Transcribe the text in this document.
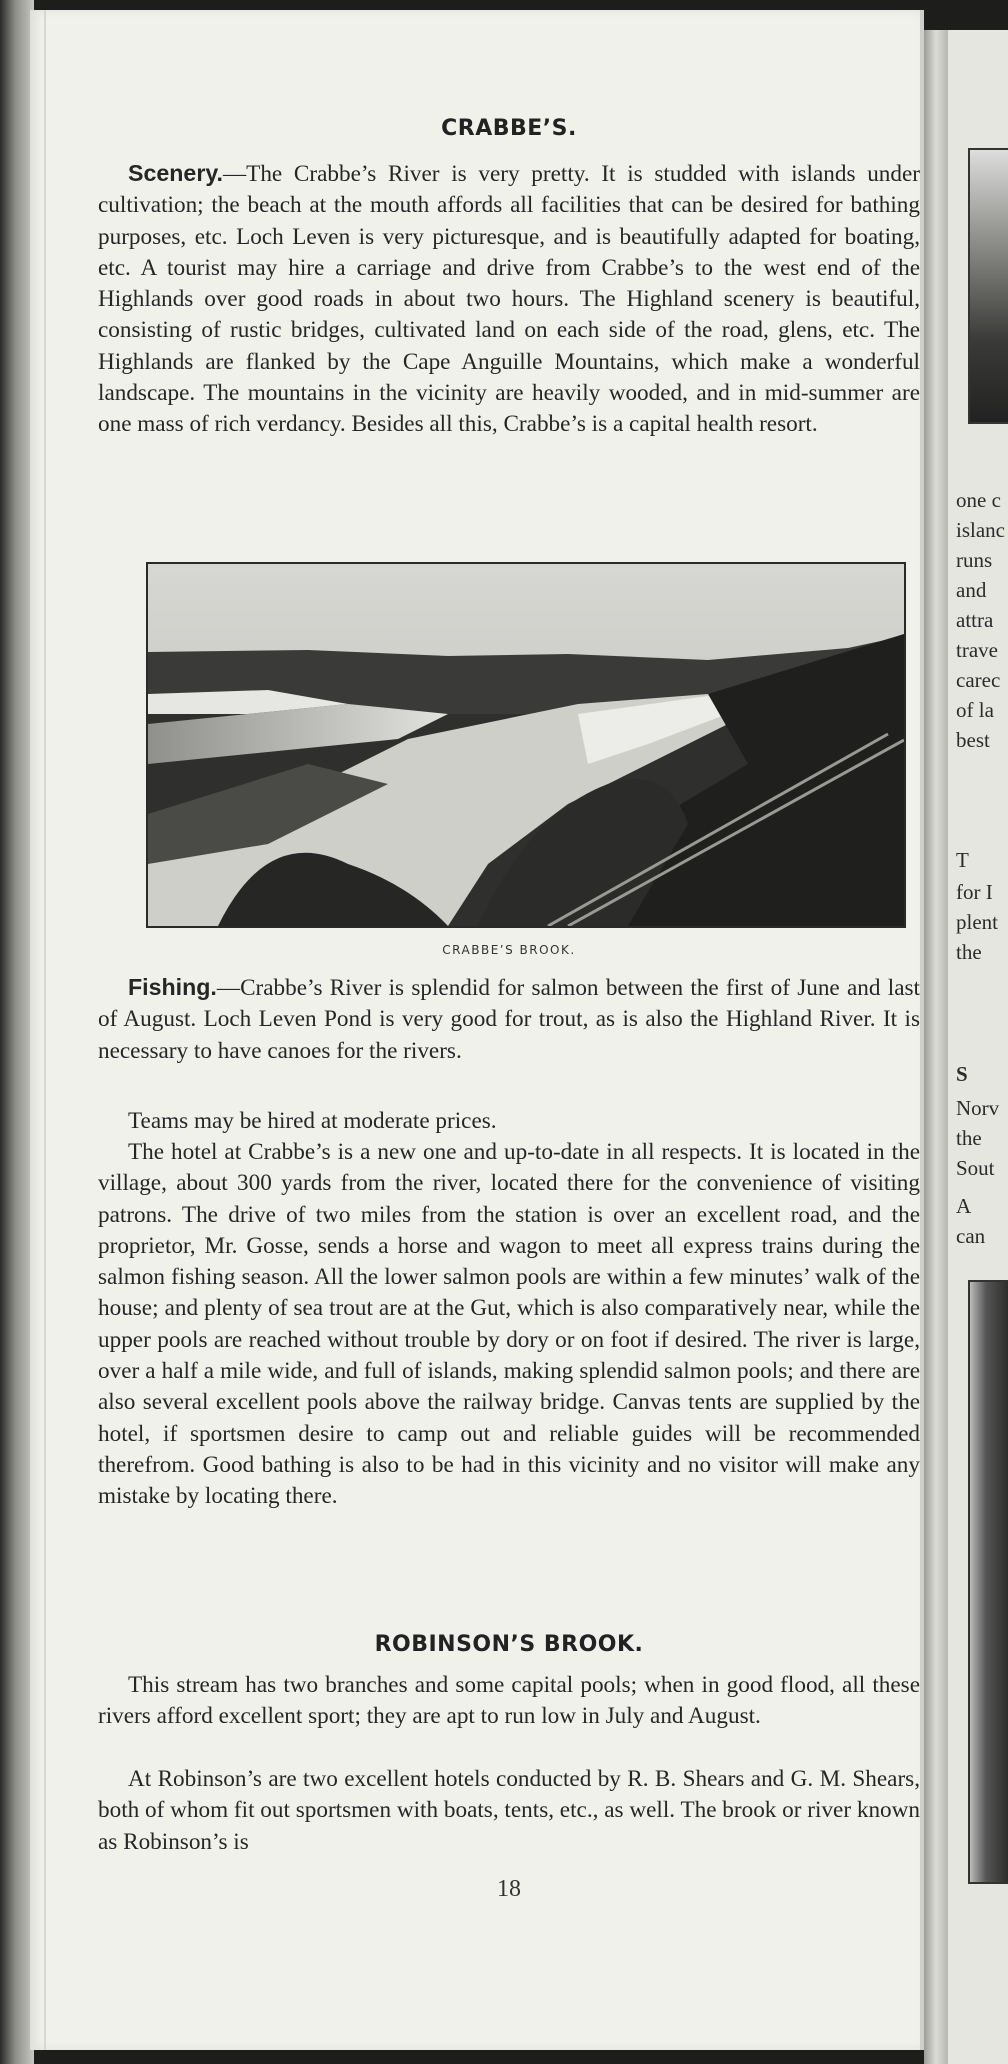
one c
islanc
runs
and
attra
trave
carec
of la
best
T
for I
plent
the
S
Norv
the
Sout
A
can
CRABBE’S.

Scenery.—The Crabbe’s River is very pretty. It is studded with islands under cultivation; the beach at the mouth affords all facilities that can be desired for bathing purposes, etc. Loch Leven is very picturesque, and is beautifully adapted for boating, etc. A tourist may hire a carriage and drive from Crabbe’s to the west end of the Highlands over good roads in about two hours. The Highland scenery is beautiful, consisting of rustic bridges, cultivated land on each side of the road, glens, etc. The Highlands are flanked by the Cape Anguille Mountains, which make a wonderful landscape. The mountains in the vicinity are heavily wooded, and in mid-summer are one mass of rich verdancy. Besides all this, Crabbe’s is a capital health resort.

CRABBE’S BROOK.

Fishing.—Crabbe’s River is splendid for salmon between the first of June and last of August. Loch Leven Pond is very good for trout, as is also the Highland River. It is necessary to have canoes for the rivers.

Teams may be hired at moderate prices.

The hotel at Crabbe’s is a new one and up-to-date in all respects. It is located in the village, about 300 yards from the river, located there for the convenience of visiting patrons. The drive of two miles from the station is over an excellent road, and the proprietor, Mr. Gosse, sends a horse and wagon to meet all express trains during the salmon fishing season. All the lower salmon pools are within a few minutes’ walk of the house; and plenty of sea trout are at the Gut, which is also comparatively near, while the upper pools are reached without trouble by dory or on foot if desired. The river is large, over a half a mile wide, and full of islands, making splendid salmon pools; and there are also several excellent pools above the railway bridge. Canvas tents are supplied by the hotel, if sportsmen desire to camp out and reliable guides will be recommended therefrom. Good bathing is also to be had in this vicinity and no visitor will make any mistake by locating there.

ROBINSON’S BROOK.

This stream has two branches and some capital pools; when in good flood, all these rivers afford excellent sport; they are apt to run low in July and August.

At Robinson’s are two excellent hotels conducted by R. B. Shears and G. M. Shears, both of whom fit out sportsmen with boats, tents, etc., as well. The brook or river known as Robinson’s is

18
